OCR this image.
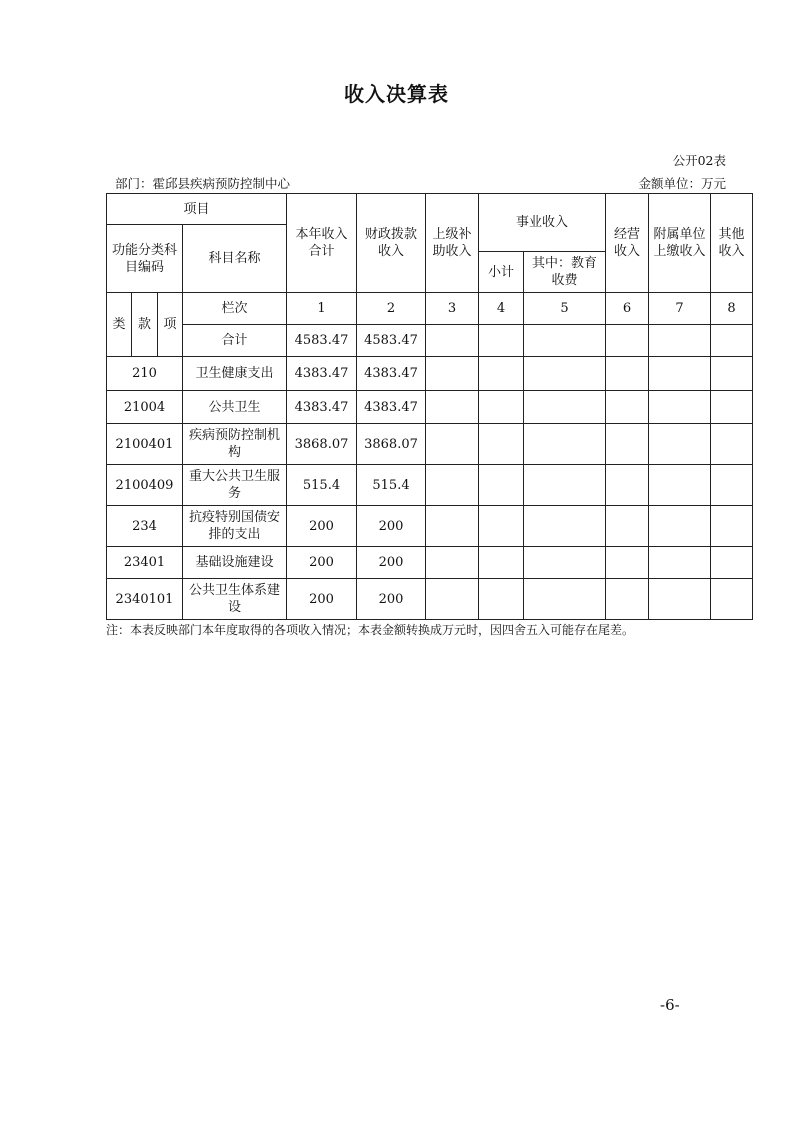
收入决算表
公开02表
部门：霍邱县疾病预防控制中心	金额单位：万元
项目				本年收入合计	财政拨款收入	上级补助收入	事业收入		经营收入	附属单位上缴收入	其他收入
功能分类科目编码			科目名称								
							小计	其中：教育收费			
类	款	项	栏次	1	2	3	4	5	6	7	8
			合计	4583.47	4583.47						
210			卫生健康支出	4383.47	4383.47						
21004			公共卫生	4383.47	4383.47						
2100401			疾病预防控制机构	3868.07	3868.07						
2100409			重大公共卫生服务	515.4	515.4						
234			抗疫特别国债安排的支出	200	200						
23401			基础设施建设	200	200						
2340101			公共卫生体系建设	200	200						
注：本表反映部门本年度取得的各项收入情况；本表金额转换成万元时，因四舍五入可能存在尾差。
-6-
